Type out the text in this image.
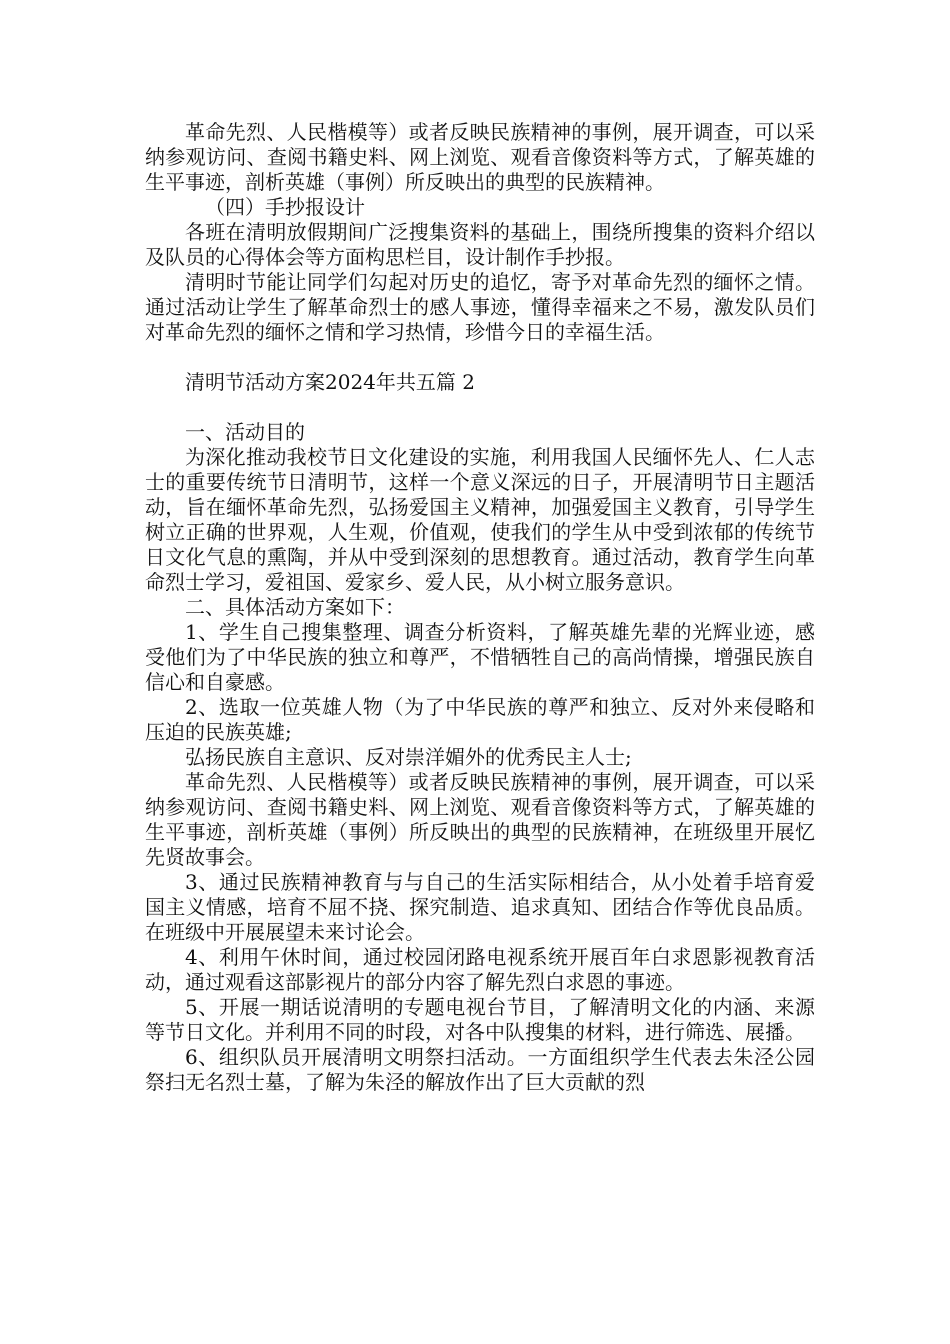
革命先烈、人民楷模等）或者反映民族精神的事例，展开调查，可以采纳参观访问、查阅书籍史料、网上浏览、观看音像资料等方式，了解英雄的生平事迹，剖析英雄（事例）所反映出的典型的民族精神。

（四）手抄报设计

各班在清明放假期间广泛搜集资料的基础上，围绕所搜集的资料介绍以及队员的心得体会等方面构思栏目，设计制作手抄报。

清明时节能让同学们勾起对历史的追忆，寄予对革命先烈的缅怀之情。通过活动让学生了解革命烈士的感人事迹，懂得幸福来之不易，激发队员们对革命先烈的缅怀之情和学习热情，珍惜今日的幸福生活。

清明节活动方案2024年共五篇 2

一、活动目的

为深化推动我校节日文化建设的实施，利用我国人民缅怀先人、仁人志士的重要传统节日清明节，这样一个意义深远的日子，开展清明节日主题活动，旨在缅怀革命先烈，弘扬爱国主义精神，加强爱国主义教育，引导学生树立正确的世界观，人生观，价值观，使我们的学生从中受到浓郁的传统节日文化气息的熏陶，并从中受到深刻的思想教育。通过活动，教育学生向革命烈士学习，爱祖国、爱家乡、爱人民，从小树立服务意识。

二、具体活动方案如下：

1、学生自己搜集整理、调查分析资料，了解英雄先辈的光辉业迹，感受他们为了中华民族的独立和尊严，不惜牺牲自己的高尚情操，增强民族自信心和自豪感。

2、选取一位英雄人物（为了中华民族的尊严和独立、反对外来侵略和压迫的民族英雄;

弘扬民族自主意识、反对崇洋媚外的优秀民主人士;

革命先烈、人民楷模等）或者反映民族精神的事例，展开调查，可以采纳参观访问、查阅书籍史料、网上浏览、观看音像资料等方式，了解英雄的生平事迹，剖析英雄（事例）所反映出的典型的民族精神，在班级里开展忆先贤故事会。

3、通过民族精神教育与与自己的生活实际相结合，从小处着手培育爱国主义情感，培育不屈不挠、探究制造、追求真知、团结合作等优良品质。在班级中开展展望未来讨论会。

4、利用午休时间，通过校园闭路电视系统开展百年白求恩影视教育活动，通过观看这部影视片的部分内容了解先烈白求恩的事迹。

5、开展一期话说清明的专题电视台节目，了解清明文化的内涵、来源等节日文化。并利用不同的时段，对各中队搜集的材料，进行筛选、展播。

6、组织队员开展清明文明祭扫活动。一方面组织学生代表去朱泾公园祭扫无名烈士墓，了解为朱泾的解放作出了巨大贡献的烈
